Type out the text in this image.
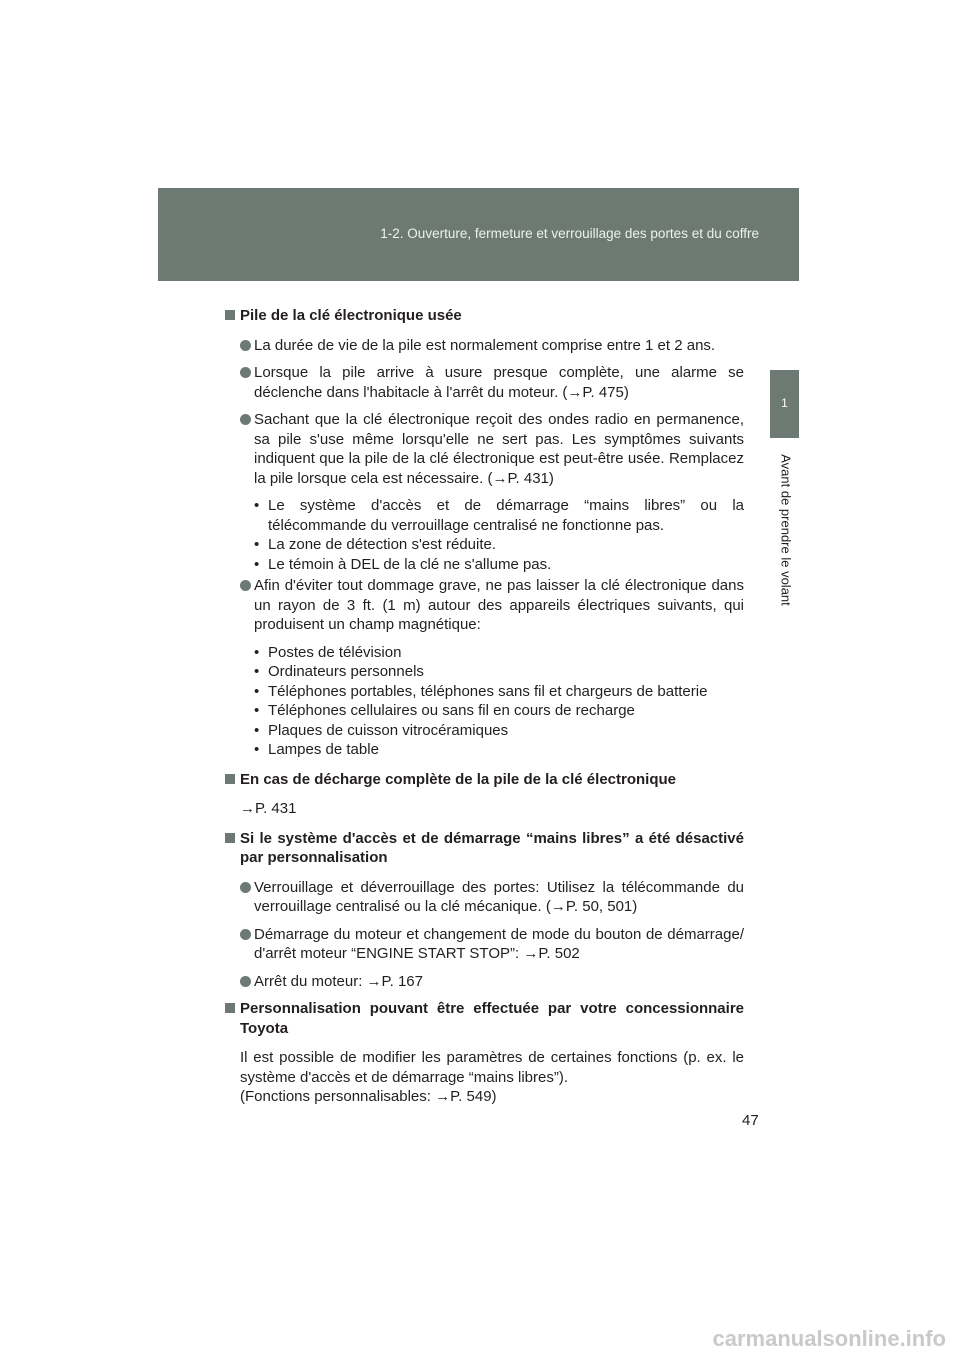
1-2. Ouverture, fermeture et verrouillage des portes et du coffre
1
Avant de prendre le volant
Pile de la clé électronique usée
La durée de vie de la pile est normalement comprise entre 1 et 2 ans.
Lorsque la pile arrive à usure presque complète, une alarme se déclenche dans l'habitacle à l'arrêt du moteur. (→P. 475)
Sachant que la clé électronique reçoit des ondes radio en permanence, sa pile s'use même lorsqu'elle ne sert pas. Les symptômes suivants indiquent que la pile de la clé électronique est peut-être usée. Remplacez la pile lorsque cela est nécessaire. (→P. 431)
• Le système d'accès et de démarrage “mains libres” ou la télécommande du verrouillage centralisé ne fonctionne pas.
• La zone de détection s'est réduite.
• Le témoin à DEL de la clé ne s'allume pas.
Afin d'éviter tout dommage grave, ne pas laisser la clé électronique dans un rayon de 3 ft. (1 m) autour des appareils électriques suivants, qui produisent un champ magnétique:
• Postes de télévision
• Ordinateurs personnels
• Téléphones portables, téléphones sans fil et chargeurs de batterie
• Téléphones cellulaires ou sans fil en cours de recharge
• Plaques de cuisson vitrocéramiques
• Lampes de table
En cas de décharge complète de la pile de la clé électronique
→P. 431
Si le système d'accès et de démarrage “mains libres” a été désactivé par personnalisation
Verrouillage et déverrouillage des portes: Utilisez la télécommande du verrouillage centralisé ou la clé mécanique. (→P. 50, 501)
Démarrage du moteur et changement de mode du bouton de démarrage/ d'arrêt moteur “ENGINE START STOP”: →P. 502
Arrêt du moteur: →P. 167
Personnalisation pouvant être effectuée par votre concessionnaire Toyota
Il est possible de modifier les paramètres de certaines fonctions (p. ex. le système d'accès et de démarrage “mains libres”).
(Fonctions personnalisables: →P. 549)
47
carmanualsonline.info
